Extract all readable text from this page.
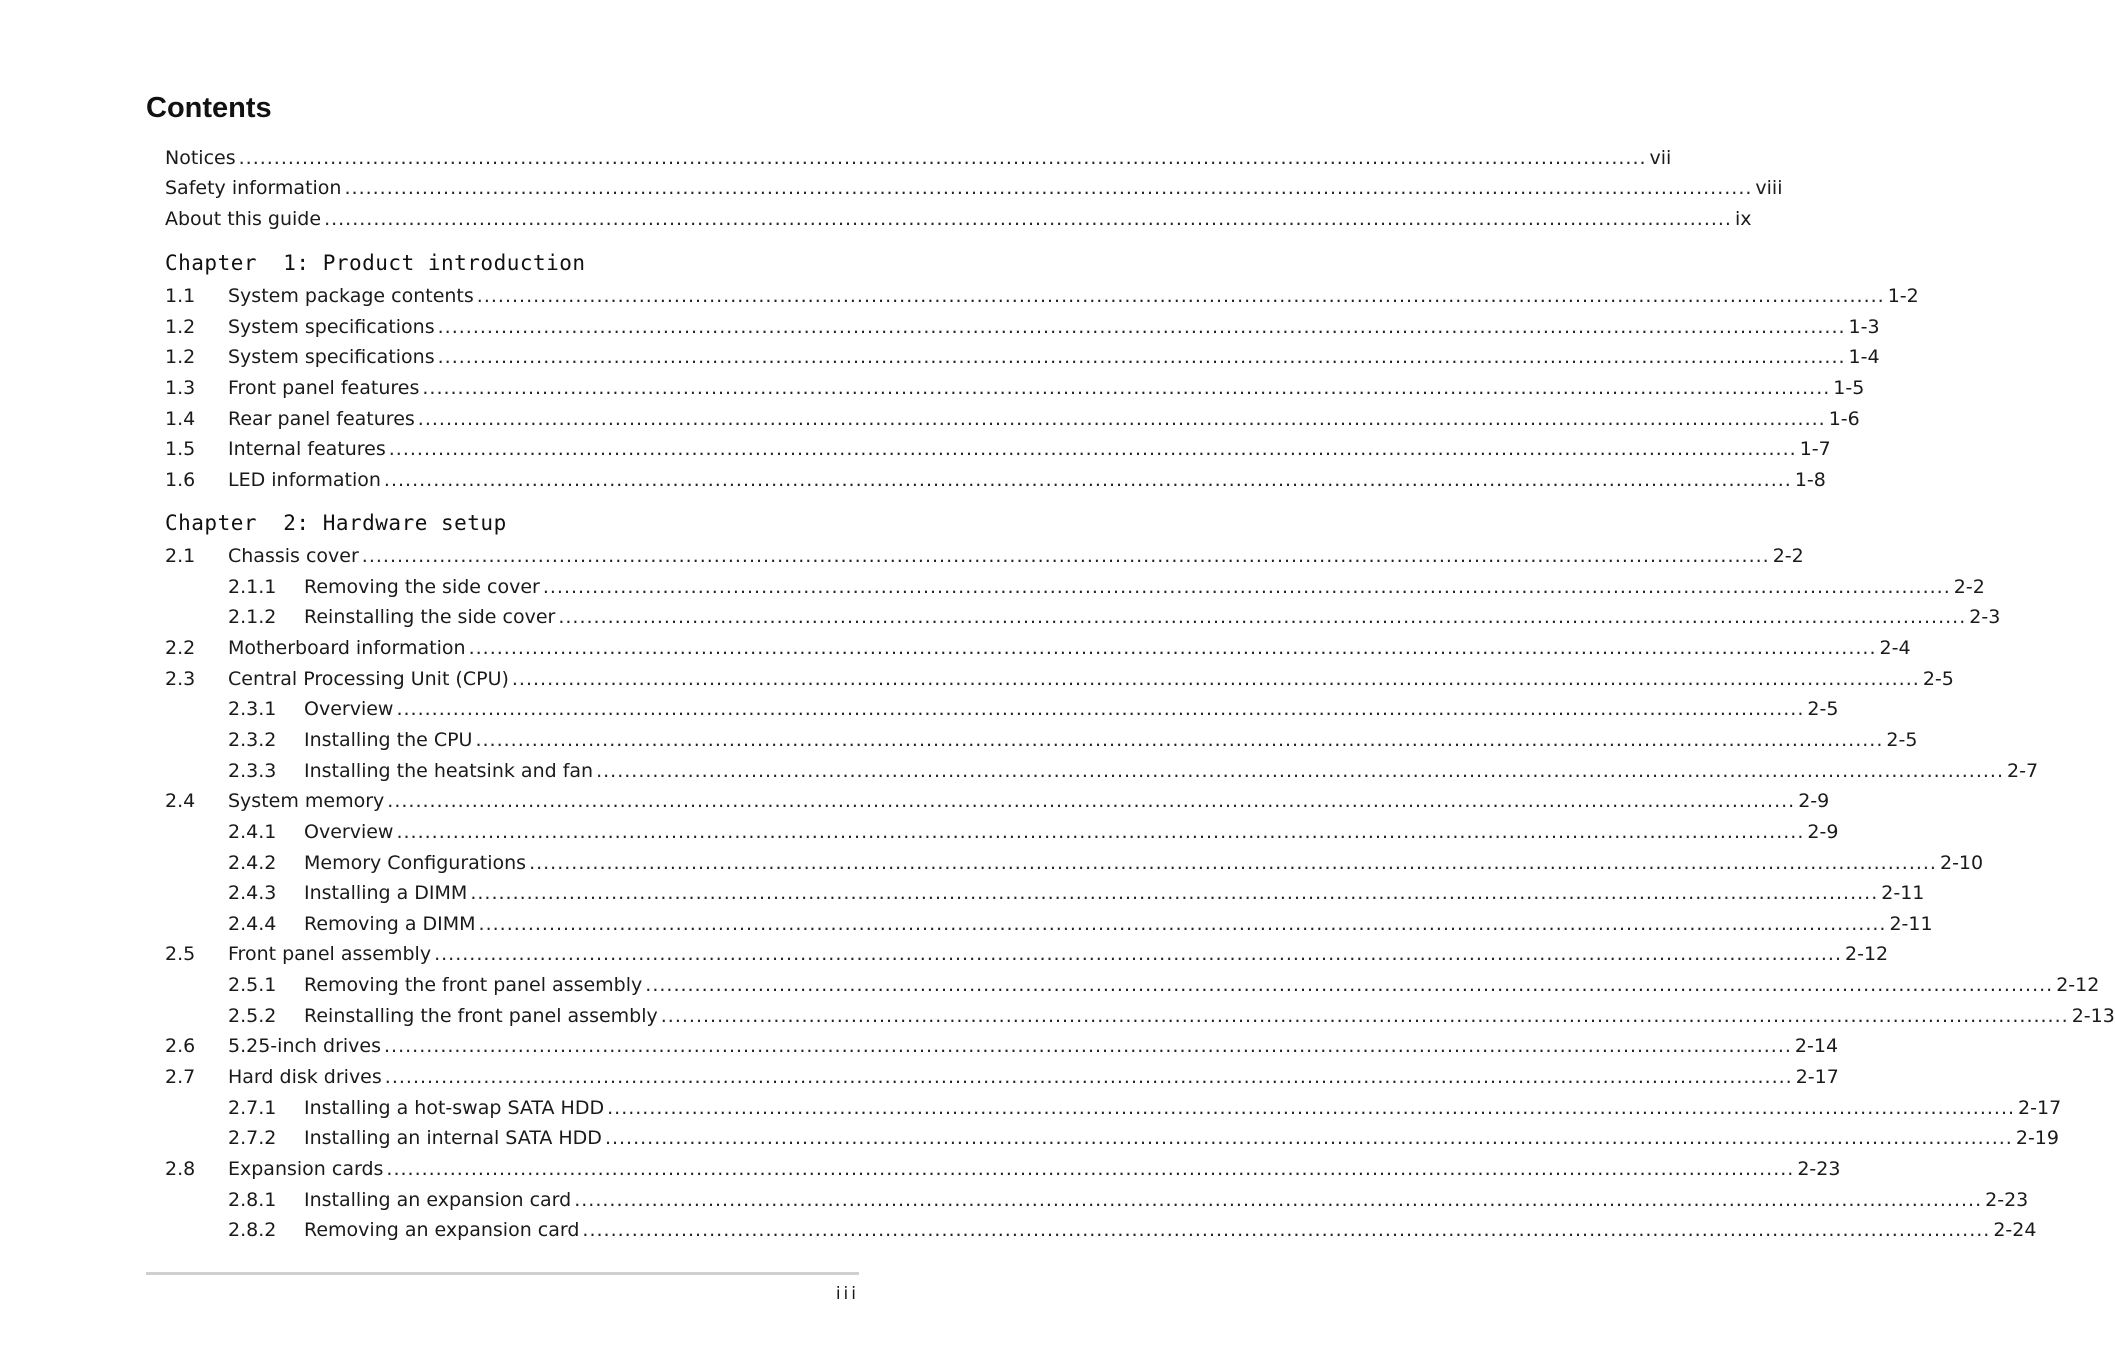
Contents
Notices ........................................................................................................................................................................................................ vii
Safety information ........................................................................................................................................................................................................ viii
About this guide ........................................................................................................................................................................................................ ix
Chapter  1: Product introduction
1.1	System package contents ........................................................................................................................................................................................................ 1-2
1.2	System specifications ........................................................................................................................................................................................................ 1-3
1.2	System specifications ........................................................................................................................................................................................................ 1-4
1.3	Front panel features ........................................................................................................................................................................................................ 1-5
1.4	Rear panel features ........................................................................................................................................................................................................ 1-6
1.5	Internal features ........................................................................................................................................................................................................ 1-7
1.6	LED information ........................................................................................................................................................................................................ 1-8
Chapter  2: Hardware setup
2.1	Chassis cover ........................................................................................................................................................................................................ 2-2
2.1.1	Removing the side cover ........................................................................................................................................................................................................ 2-2
2.1.2	Reinstalling the side cover ........................................................................................................................................................................................................ 2-3
2.2	Motherboard information ........................................................................................................................................................................................................ 2-4
2.3	Central Processing Unit (CPU) ........................................................................................................................................................................................................ 2-5
2.3.1	Overview ........................................................................................................................................................................................................ 2-5
2.3.2	Installing the CPU ........................................................................................................................................................................................................ 2-5
2.3.3	Installing the heatsink and fan ........................................................................................................................................................................................................ 2-7
2.4	System memory ........................................................................................................................................................................................................ 2-9
2.4.1	Overview ........................................................................................................................................................................................................ 2-9
2.4.2	Memory Configurations ........................................................................................................................................................................................................ 2-10
2.4.3	Installing a DIMM ........................................................................................................................................................................................................ 2-11
2.4.4	Removing a DIMM ........................................................................................................................................................................................................ 2-11
2.5	Front panel assembly ........................................................................................................................................................................................................ 2-12
2.5.1	Removing the front panel assembly ........................................................................................................................................................................................................ 2-12
2.5.2	Reinstalling the front panel assembly ........................................................................................................................................................................................................ 2-13
2.6	5.25-inch drives ........................................................................................................................................................................................................ 2-14
2.7	Hard disk drives ........................................................................................................................................................................................................ 2-17
2.7.1	Installing a hot-swap SATA HDD ........................................................................................................................................................................................................ 2-17
2.7.2	Installing an internal SATA HDD ........................................................................................................................................................................................................ 2-19
2.8	Expansion cards ........................................................................................................................................................................................................ 2-23
2.8.1	Installing an expansion card ........................................................................................................................................................................................................ 2-23
2.8.2	Removing an expansion card ........................................................................................................................................................................................................ 2-24
iii
